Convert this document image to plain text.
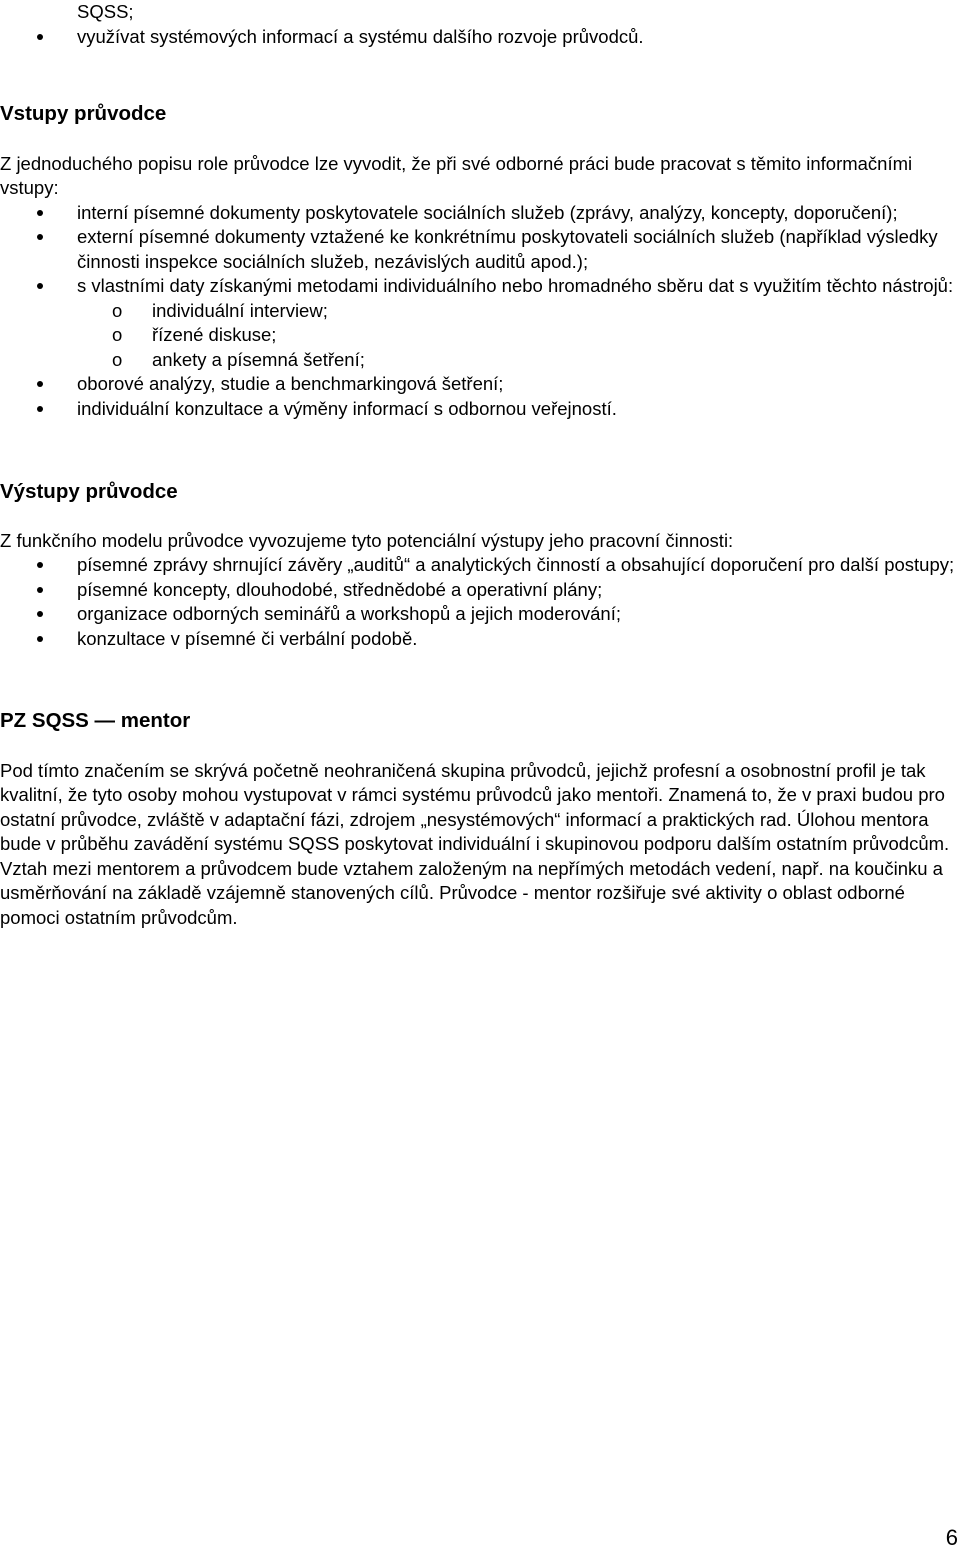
SQSS;
využívat systémových informací a systému dalšího rozvoje průvodců.
Vstupy průvodce

Z jednoduchého popisu role průvodce lze vyvodit, že při své odborné práci bude pracovat s těmito informačními vstupy:

interní písemné dokumenty poskytovatele sociálních služeb (zprávy, analýzy, koncepty, doporučení);
externí písemné dokumenty vztažené ke konkrétnímu poskytovateli sociálních služeb (například výsledky činnosti inspekce sociálních služeb, nezávislých auditů apod.);
s vlastními daty získanými metodami individuálního nebo hromadného sběru dat s využitím těchto nástrojů:
o	individuální interview;
o	řízené diskuse;
o	ankety a písemná šetření;
oborové analýzy, studie a benchmarkingová šetření;
individuální konzultace a výměny informací s odbornou veřejností.
Výstupy průvodce

Z funkčního modelu průvodce vyvozujeme tyto potenciální výstupy jeho pracovní činnosti:

písemné zprávy shrnující závěry „auditů“ a analytických činností a obsahující doporučení pro další postupy;
písemné koncepty, dlouhodobé, střednědobé a operativní plány;
organizace odborných seminářů a workshopů a jejich moderování;
konzultace v písemné či verbální podobě.
PZ SQSS — mentor

Pod tímto značením se skrývá početně neohraničená skupina průvodců, jejichž profesní a osobnostní profil je tak kvalitní, že tyto osoby mohou vystupovat v rámci systému průvodců jako mentoři. Znamená to, že v praxi budou pro ostatní průvodce, zvláště v adaptační fázi, zdrojem „nesystémových“ informací a praktických rad. Úlohou mentora bude v průběhu zavádění systému SQSS poskytovat individuální i skupinovou podporu dalším ostatním průvodcům.

Vztah mezi mentorem a průvodcem bude vztahem založeným na nepřímých metodách vedení, např. na koučinku a usměrňování na základě vzájemně stanovených cílů. Průvodce - mentor rozšiřuje své aktivity o oblast odborné pomoci ostatním průvodcům.

6
